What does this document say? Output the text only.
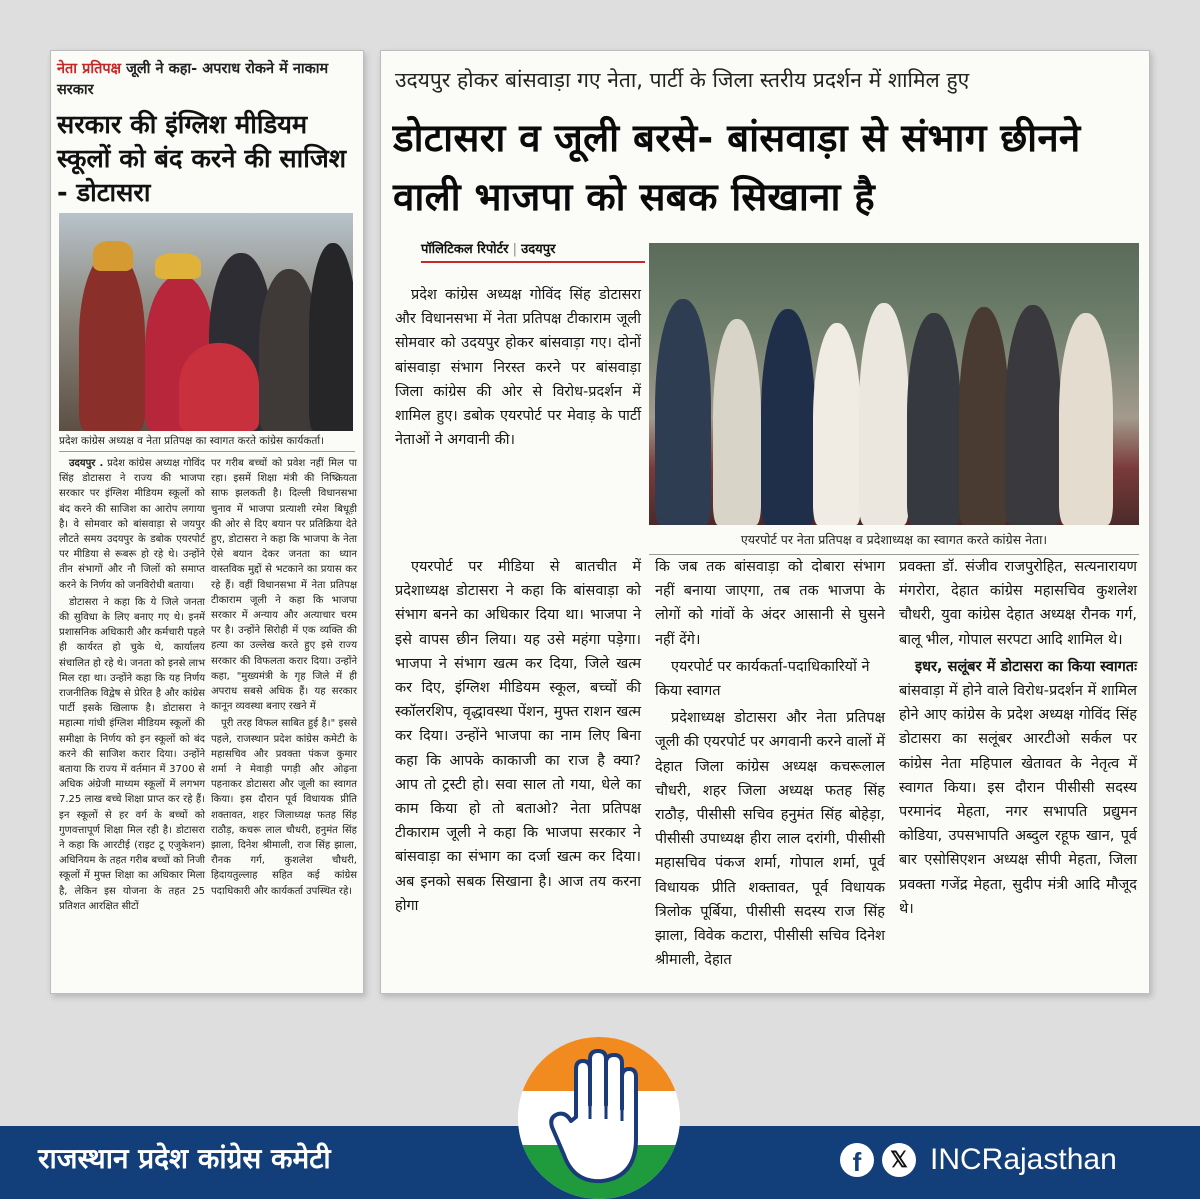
नेता प्रतिपक्ष जूली ने कहा- अपराध रोकने में नाकाम सरकार
सरकार की इंग्लिश मीडियम स्कूलों को बंद करने की साजिश - डोटासरा
प्रदेश कांग्रेस अध्यक्ष व नेता प्रतिपक्ष का स्वागत करते कांग्रेस कार्यकर्ता।

उदयपुर . प्रदेश कांग्रेस अध्यक्ष गोविंद सिंह डोटासरा ने राज्य की भाजपा सरकार पर इंग्लिश मीडियम स्कूलों को बंद करने की साजिश का आरोप लगाया है। वे सोमवार को बांसवाड़ा से जयपुर लौटते समय उदयपुर के डबोक एयरपोर्ट पर मीडिया से रूबरू हो रहे थे। उन्होंने तीन संभागों और नौ जिलों को समाप्त करने के निर्णय को जनविरोधी बताया।

डोटासरा ने कहा कि ये जिले जनता की सुविधा के लिए बनाए गए थे। इनमें प्रशासनिक अधिकारी और कर्मचारी पहले ही कार्यरत हो चुके थे, कार्यालय संचालित हो रहे थे। जनता को इनसे लाभ मिल रहा था। उन्होंने कहा कि यह निर्णय राजनीतिक विद्वेष से प्रेरित है और कांग्रेस पार्टी इसके खिलाफ है। डोटासरा ने महात्मा गांधी इंग्लिश मीडियम स्कूलों की समीक्षा के निर्णय को इन स्कूलों को बंद करने की साजिश करार दिया। उन्होंने बताया कि राज्य में वर्तमान में 3700 से अधिक अंग्रेजी माध्यम स्कूलों में लगभग 7.25 लाख बच्चे शिक्षा प्राप्त कर रहे हैं। इन स्कूलों से हर वर्ग के बच्चों को गुणवत्तापूर्ण शिक्षा मिल रही है। डोटासरा ने कहा कि आरटीई (राइट टू एजुकेशन) अधिनियम के तहत गरीब बच्चों को निजी स्कूलों में मुफ्त शिक्षा का अधिकार मिला है, लेकिन इस योजना के तहत 25 प्रतिशत आरक्षित सीटों

पर गरीब बच्चों को प्रवेश नहीं मिल पा रहा। इसमें शिक्षा मंत्री की निष्क्रियता साफ झलकती है। दिल्ली विधानसभा चुनाव में भाजपा प्रत्याशी रमेश बिधूड़ी की ओर से दिए बयान पर प्रतिक्रिया देते हुए, डोटासरा ने कहा कि भाजपा के नेता ऐसे बयान देकर जनता का ध्यान वास्तविक मुद्दों से भटकाने का प्रयास कर रहे हैं। वहीं विधानसभा में नेता प्रतिपक्ष टीकाराम जूली ने कहा कि भाजपा सरकार में अन्याय और अत्याचार चरम पर है। उन्होंने सिरोही में एक व्यक्ति की हत्या का उल्लेख करते हुए इसे राज्य सरकार की विफलता करार दिया। उन्होंने कहा, "मुख्यमंत्री के गृह जिले में ही अपराध सबसे अधिक हैं। यह सरकार कानून व्यवस्था बनाए रखने में

पूरी तरह विफल साबित हुई है।" इससे पहले, राजस्थान प्रदेश कांग्रेस कमेटी के महासचिव और प्रवक्ता पंकज कुमार शर्मा ने मेवाड़ी पगड़ी और ओढ़ना पहनाकर डोटासरा और जूली का स्वागत किया। इस दौरान पूर्व विधायक प्रीति शक्तावत, शहर जिलाध्यक्ष फतह सिंह राठौड़, कचरू लाल चौधरी, हनुमंत सिंह झाला, दिनेश श्रीमाली, राज सिंह झाला, रौनक गर्ग, कुशलेश चौधरी, हिदायतुल्लाह सहित कई कांग्रेस पदाधिकारी और कार्यकर्ता उपस्थित रहे।

उदयपुर होकर बांसवाड़ा गए नेता, पार्टी के जिला स्तरीय प्रदर्शन में शामिल हुए
डोटासरा व जूली बरसे- बांसवाड़ा से संभाग छीनने वाली भाजपा को सबक सिखाना है
पॉलिटिकल रिपोर्टर | उदयपुर
एयरपोर्ट पर नेता प्रतिपक्ष व प्रदेशाध्यक्ष का स्वागत करते कांग्रेस नेता।

प्रदेश कांग्रेस अध्यक्ष गोविंद सिंह डोटासरा और विधानसभा में नेता प्रतिपक्ष टीकाराम जूली सोमवार को उदयपुर होकर बांसवाड़ा गए। दोनों बांसवाड़ा संभाग निरस्त करने पर बांसवाड़ा जिला कांग्रेस की ओर से विरोध-प्रदर्शन में शामिल हुए। डबोक एयरपोर्ट पर मेवाड़ के पार्टी नेताओं ने अगवानी की।

एयरपोर्ट पर मीडिया से बातचीत में प्रदेशाध्यक्ष डोटासरा ने कहा कि बांसवाड़ा को संभाग बनने का अधिकार दिया था। भाजपा ने इसे वापस छीन लिया। यह उसे महंगा पड़ेगा। भाजपा ने संभाग खत्म कर दिया, जिले खत्म कर दिए, इंग्लिश मीडियम स्कूल, बच्चों की स्कॉलरशिप, वृद्धावस्था पेंशन, मुफ्त राशन खत्म कर दिया। उन्होंने भाजपा का नाम लिए बिना कहा कि आपके काकाजी का राज है क्या? आप तो ट्रस्टी हो। सवा साल तो गया, धेले का काम किया हो तो बताओ? नेता प्रतिपक्ष टीकाराम जूली ने कहा कि भाजपा सरकार ने बांसवाड़ा का संभाग का दर्जा खत्म कर दिया। अब इनको सबक सिखाना है। आज तय करना होगा

कि जब तक बांसवाड़ा को दोबारा संभाग नहीं बनाया जाएगा, तब तक भाजपा के लोगों को गांवों के अंदर आसानी से घुसने नहीं देंगे।

एयरपोर्ट पर कार्यकर्ता-पदाधिकारियों ने किया स्वागत

प्रदेशाध्यक्ष डोटासरा और नेता प्रतिपक्ष जूली की एयरपोर्ट पर अगवानी करने वालों में देहात जिला कांग्रेस अध्यक्ष कचरूलाल चौधरी, शहर जिला अध्यक्ष फतह सिंह राठौड़, पीसीसी सचिव हनुमंत सिंह बोहेड़ा, पीसीसी उपाध्यक्ष हीरा लाल दरांगी, पीसीसी महासचिव पंकज शर्मा, गोपाल शर्मा, पूर्व विधायक प्रीति शक्तावत, पूर्व विधायक त्रिलोक पूर्बिया, पीसीसी सदस्य राज सिंह झाला, विवेक कटारा, पीसीसी सचिव दिनेश श्रीमाली, देहात

प्रवक्ता डॉ. संजीव राजपुरोहित, सत्यनारायण मंगरोरा, देहात कांग्रेस महासचिव कुशलेश चौधरी, युवा कांग्रेस देहात अध्यक्ष रौनक गर्ग, बालू भील, गोपाल सरपटा आदि शामिल थे।

इधर, सलूंबर में डोटासरा का किया स्वागतः बांसवाड़ा में होने वाले विरोध-प्रदर्शन में शामिल होने आए कांग्रेस के प्रदेश अध्यक्ष गोविंद सिंह डोटासरा का सलूंबर आरटीओ सर्कल पर कांग्रेस नेता महिपाल खेतावत के नेतृत्व में स्वागत किया। इस दौरान पीसीसी सदस्य परमानंद मेहता, नगर सभापति प्रद्युमन कोडिया, उपसभापति अब्दुल रहूफ खान, पूर्व बार एसोसिएशन अध्यक्ष सीपी मेहता, जिला प्रवक्ता गजेंद्र मेहता, सुदीप मंत्री आदि मौजूद थे।

राजस्थान प्रदेश कांग्रेस कमेटी	f	𝕏 INCRajasthan
